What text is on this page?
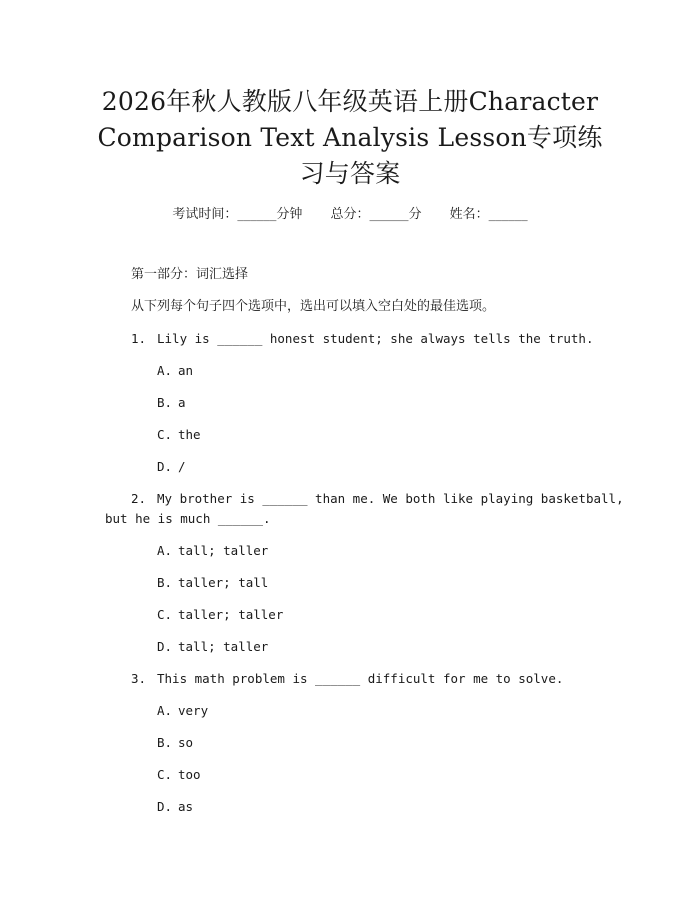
2026年秋人教版八年级英语上册Character
Comparison Text Analysis Lesson专项练
习与答案
考试时间：______分钟 总分：______分 姓名：______
第一部分：词汇选择
从下列每个句子四个选项中，选出可以填入空白处的最佳选项。
1. Lily is ______ honest student; she always tells the truth.
A. an
B. a
C. the
D. /
2. My brother is ______ than me. We both like playing basketball,
but he is much ______.
A. tall; taller
B. taller; tall
C. taller; taller
D. tall; taller
3. This math problem is ______ difficult for me to solve.
A. very
B. so
C. too
D. as
